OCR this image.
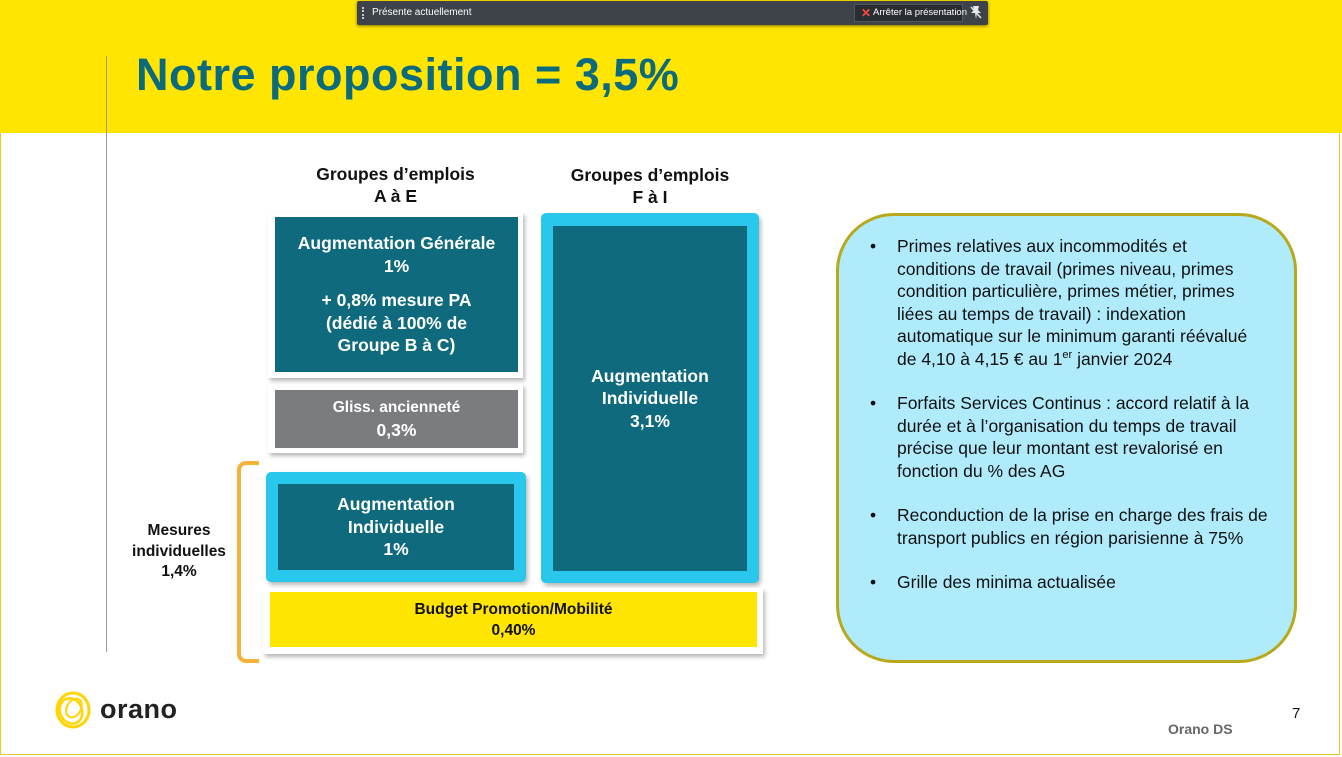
Notre proposition = 3,5%
Présente actuellement	✕ Arrêter la présentation
Groupes d’emplois
A à E
Groupes d’emplois
F à I
Augmentation Générale
1%
+ 0,8% mesure PA
(dédié à 100% de
Groupe B à C)
Gliss. ancienneté
0,3%
Augmentation
Individuelle
1%
Augmentation
Individuelle
3,1%
Budget Promotion/Mobilité
0,40%
Mesures
individuelles
1,4%
• Primes relatives aux incommodités et conditions de travail (primes niveau, primes condition particulière, primes métier, primes liées au temps de travail) : indexation automatique sur le minimum garanti réévalué de 4,10 à 4,15 € au 1er janvier 2024
• Forfaits Services Continus : accord relatif à la durée et à l’organisation du temps de travail précise que leur montant est revalorisé en fonction du % des AG
• Reconduction de la prise en charge des frais de transport publics en région parisienne à 75%
• Grille des minima actualisée
orano
Orano DS
7
